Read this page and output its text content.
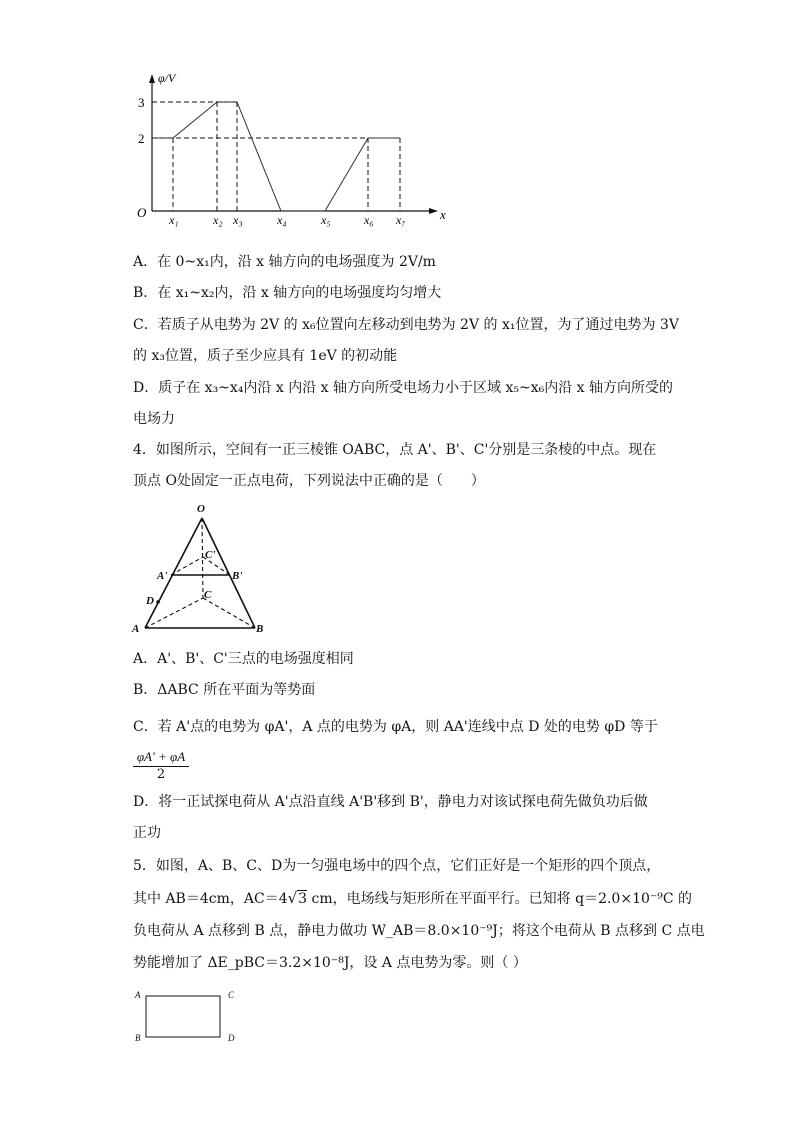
x₁	x₂ x₃	x₄	x₅	x₆ x₇
2
3
O
φ/V
x
A．在 0~x₁内，沿 x 轴方向的电场强度为 2V/m
B．在 x₁~x₂内，沿 x 轴方向的电场强度均匀增大
C．若质子从电势为 2V 的 x₆位置向左移动到电势为 2V 的 x₁位置，为了通过电势为 3V
的 x₃位置，质子至少应具有 1eV 的初动能
D．质子在 x₃~x₄内沿 x 内沿 x 轴方向所受电场力小于区域 x₅~x₆内沿 x 轴方向所受的
电场力
4．如图所示，空间有一正三棱锥 OABC，点 A'、B'、C'分别是三条棱的中点。现在
顶点 O处固定一正点电荷，下列说法中正确的是（　　）
O
C'
A'	B'
C
D
A	B
A．A'、B'、C'三点的电场强度相同
B．ΔABC 所在平面为等势面
C．若 A'点的电势为 φA'，A 点的电势为 φA，则 AA'连线中点 D 处的电势 φD 等于
$\frac{\varphi A' + \varphi A}{2}$
D．将一正试探电荷从 A'点沿直线 A'B'移到 B'，静电力对该试探电荷先做负功后做
正功
5．如图，A、B、C、D为一匀强电场中的四个点，它们正好是一个矩形的四个顶点，
其中 AB＝4cm，AC＝4√3 cm，电场线与矩形所在平面平行。已知将 q＝2.0×10⁻⁹C 的
负电荷从 A 点移到 B 点，静电力做功 W_AB＝8.0×10⁻⁹J；将这个电荷从 B 点移到 C 点电
势能增加了 ΔE_pBC＝3.2×10⁻⁸J，设 A 点电势为零。则（ ）
A	C
B	D
